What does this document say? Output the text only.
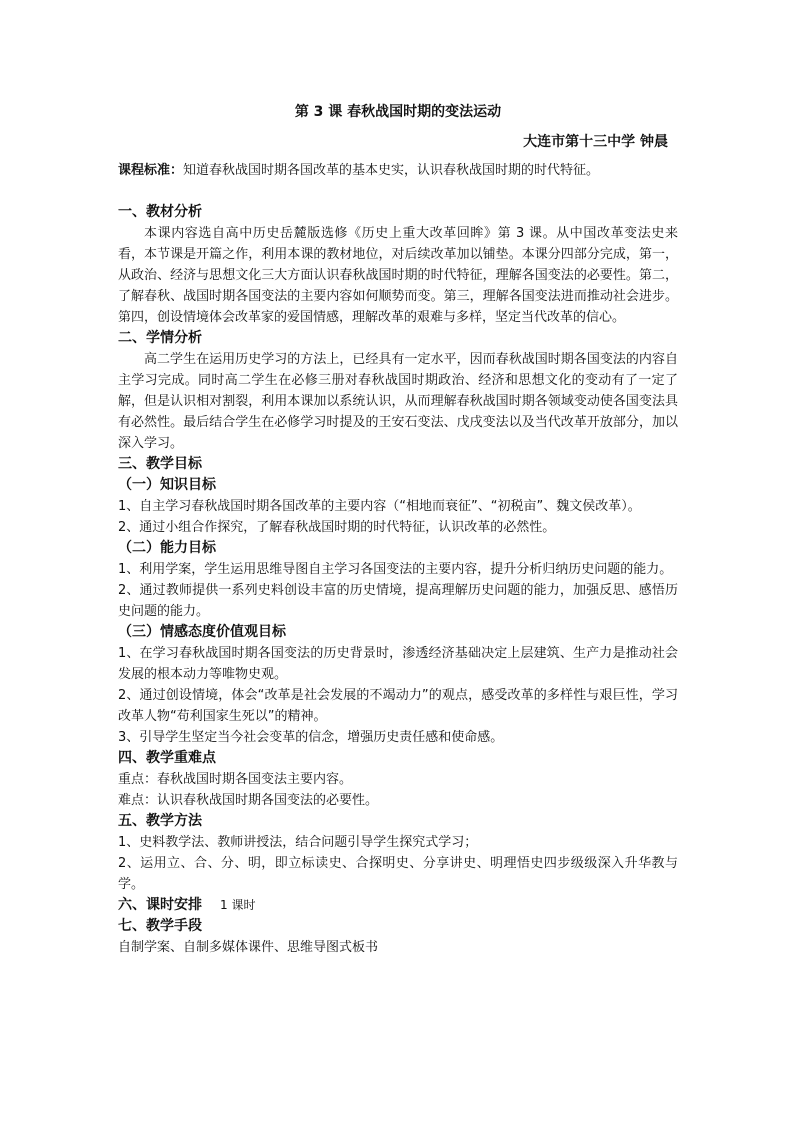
第 3 课 春秋战国时期的变法运动
大连市第十三中学 钟晨

课程标准：知道春秋战国时期各国改革的基本史实，认识春秋战国时期的时代特征。

一、教材分析

本课内容选自高中历史岳麓版选修《历史上重大改革回眸》第 3 课。从中国改革变法史来看，本节课是开篇之作，利用本课的教材地位，对后续改革加以铺垫。本课分四部分完成，第一，从政治、经济与思想文化三大方面认识春秋战国时期的时代特征，理解各国变法的必要性。第二，了解春秋、战国时期各国变法的主要内容如何顺势而变。第三，理解各国变法进而推动社会进步。第四，创设情境体会改革家的爱国情感，理解改革的艰难与多样，坚定当代改革的信心。

二、学情分析

高二学生在运用历史学习的方法上，已经具有一定水平，因而春秋战国时期各国变法的内容自主学习完成。同时高二学生在必修三册对春秋战国时期政治、经济和思想文化的变动有了一定了解，但是认识相对割裂，利用本课加以系统认识，从而理解春秋战国时期各领域变动使各国变法具有必然性。最后结合学生在必修学习时提及的王安石变法、戊戌变法以及当代改革开放部分，加以深入学习。

三、教学目标

（一）知识目标

1、自主学习春秋战国时期各国改革的主要内容（“相地而衰征”、“初税亩”、魏文侯改革）。

2、通过小组合作探究，了解春秋战国时期的时代特征，认识改革的必然性。

（二）能力目标

1、利用学案，学生运用思维导图自主学习各国变法的主要内容，提升分析归纳历史问题的能力。

2、通过教师提供一系列史料创设丰富的历史情境，提高理解历史问题的能力，加强反思、感悟历史问题的能力。

（三）情感态度价值观目标

1、在学习春秋战国时期各国变法的历史背景时，渗透经济基础决定上层建筑、生产力是推动社会发展的根本动力等唯物史观。

2、通过创设情境，体会“改革是社会发展的不竭动力”的观点，感受改革的多样性与艰巨性，学习改革人物“苟利国家生死以”的精神。

3、引导学生坚定当今社会变革的信念，增强历史责任感和使命感。

四、教学重难点

重点：春秋战国时期各国变法主要内容。

难点：认识春秋战国时期各国变法的必要性。

五、教学方法

1、史料教学法、教师讲授法，结合问题引导学生探究式学习；

2、运用立、合、分、明，即立标读史、合探明史、分享讲史、明理悟史四步级级深入升华教与学。

六、课时安排 1 课时

七、教学手段

自制学案、自制多媒体课件、思维导图式板书
